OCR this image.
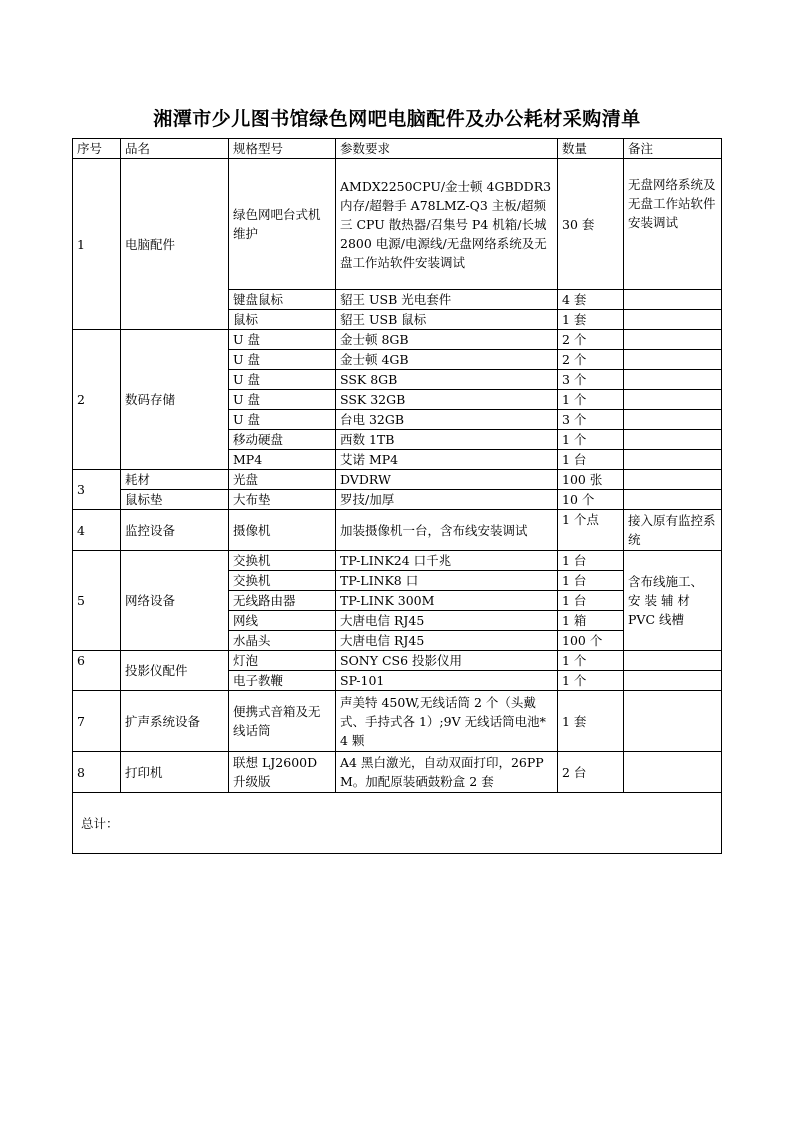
湘潭市少儿图书馆绿色网吧电脑配件及办公耗材采购清单
序号	品名	规格型号	参数要求	数量	备注
1	电脑配件	绿色网吧台式机维护	AMDX2250CPU/金士顿 4GBDDR3 内存/超磐手 A78LMZ-Q3 主板/超频三 CPU 散热器/召集号 P4 机箱/长城 2800 电源/电源线/无盘网络系统及无盘工作站软件安装调试	30 套	无盘网络系统及无盘工作站软件安装调试
		键盘鼠标	貂王 USB 光电套件	4 套	
		鼠标	貂王 USB 鼠标	1 套	
2	数码存储	U 盘	金士顿 8GB	2 个	
		U 盘	金士顿 4GB	2 个	
		U 盘	SSK 8GB	3 个	
		U 盘	SSK 32GB	1 个	
		U 盘	台电 32GB	3 个	
		移动硬盘	西数 1TB	1 个	
		MP4	艾诺 MP4	1 台	
3	耗材	光盘	DVDRW	100 张	
	鼠标垫	大布垫	罗技/加厚	10 个	
4	监控设备	摄像机	加装摄像机一台，含布线安装调试	1 个点	接入原有监控系统
5	网络设备	交换机	TP-LINK24 口千兆	1 台	含布线施工、
安 装 辅 材
PVC 线槽

		交换机	TP-LINK8 口	1 台	
		无线路由器	TP-LINK 300M	1 台	
		网线	大唐电信 RJ45	1 箱	
		水晶头	大唐电信 RJ45	100 个	
6	投影仪配件	灯泡	SONY CS6 投影仪用	1 个	
		电子教鞭	SP-101	1 个	
7	扩声系统设备	便携式音箱及无线话筒	声美特 450W,无线话筒 2 个（头戴式、手持式各 1）;9V 无线话筒电池*4 颗	1 套	
8	打印机	联想 LJ2600D 升级版	A4 黑白激光，自动双面打印，26PPM。加配原装硒鼓粉盒 2 套	2 台	
总计：					
